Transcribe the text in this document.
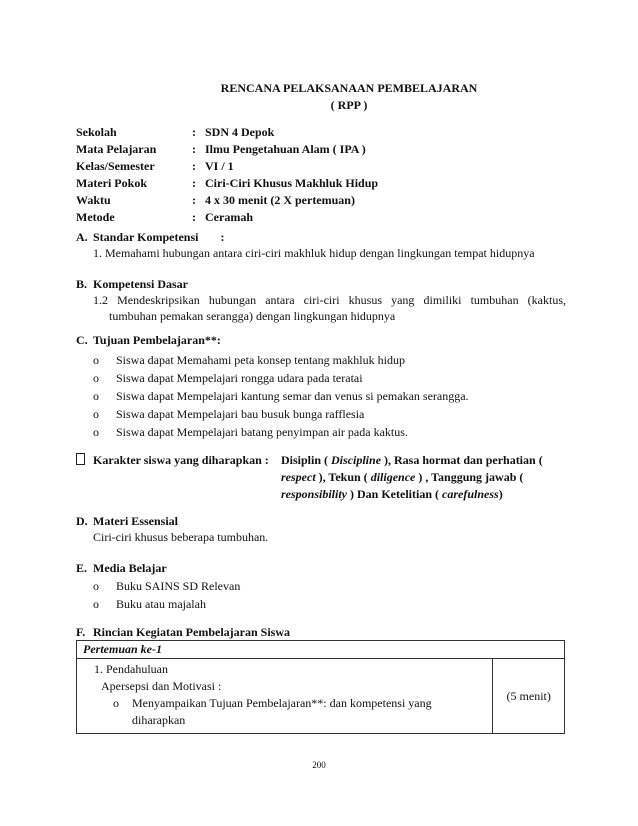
RENCANA PELAKSANAAN PEMBELAJARAN
( RPP )
Sekolah	: SDN 4 Depok
Mata Pelajaran	: Ilmu Pengetahuan Alam ( IPA )
Kelas/Semester	: VI / 1
Materi Pokok	: Ciri-Ciri Khusus Makhluk Hidup
Waktu	: 4 x 30 menit (2 X pertemuan)
Metode	: Ceramah
A. Standar Kompetensi :
1. Memahami hubungan antara ciri-ciri makhluk hidup dengan lingkungan tempat hidupnya
B. Kompetensi Dasar
1.2 Mendeskripsikan hubungan antara ciri-ciri khusus yang dimiliki tumbuhan (kaktus,
tumbuhan pemakan serangga) dengan lingkungan hidupnya
C. Tujuan Pembelajaran**:
o Siswa dapat Memahami peta konsep tentang makhluk hidup
o Siswa dapat Mempelajari rongga udara pada teratai
o Siswa dapat Mempelajari kantung semar dan venus si pemakan serangga.
o Siswa dapat Mempelajari bau busuk bunga rafflesia
o Siswa dapat Mempelajari batang penyimpan air pada kaktus.
Karakter siswa yang diharapkan : Disiplin ( Discipline ), Rasa hormat dan perhatian (
respect ), Tekun ( diligence ) , Tanggung jawab (
responsibility ) Dan Ketelitian ( carefulness)
D. Materi Essensial
Ciri-ciri khusus beberapa tumbuhan.
E. Media Belajar
o Buku SAINS SD Relevan
o Buku atau majalah
F. Rincian Kegiatan Pembelajaran Siswa
Pertemuan ke-1

1. Pendahuluan
Apersepsi dan Motivasi :
o	Menyampaikan Tujuan Pembelajaran**: dan kompetensi yang
diharapkan
	(5 menit)
200
